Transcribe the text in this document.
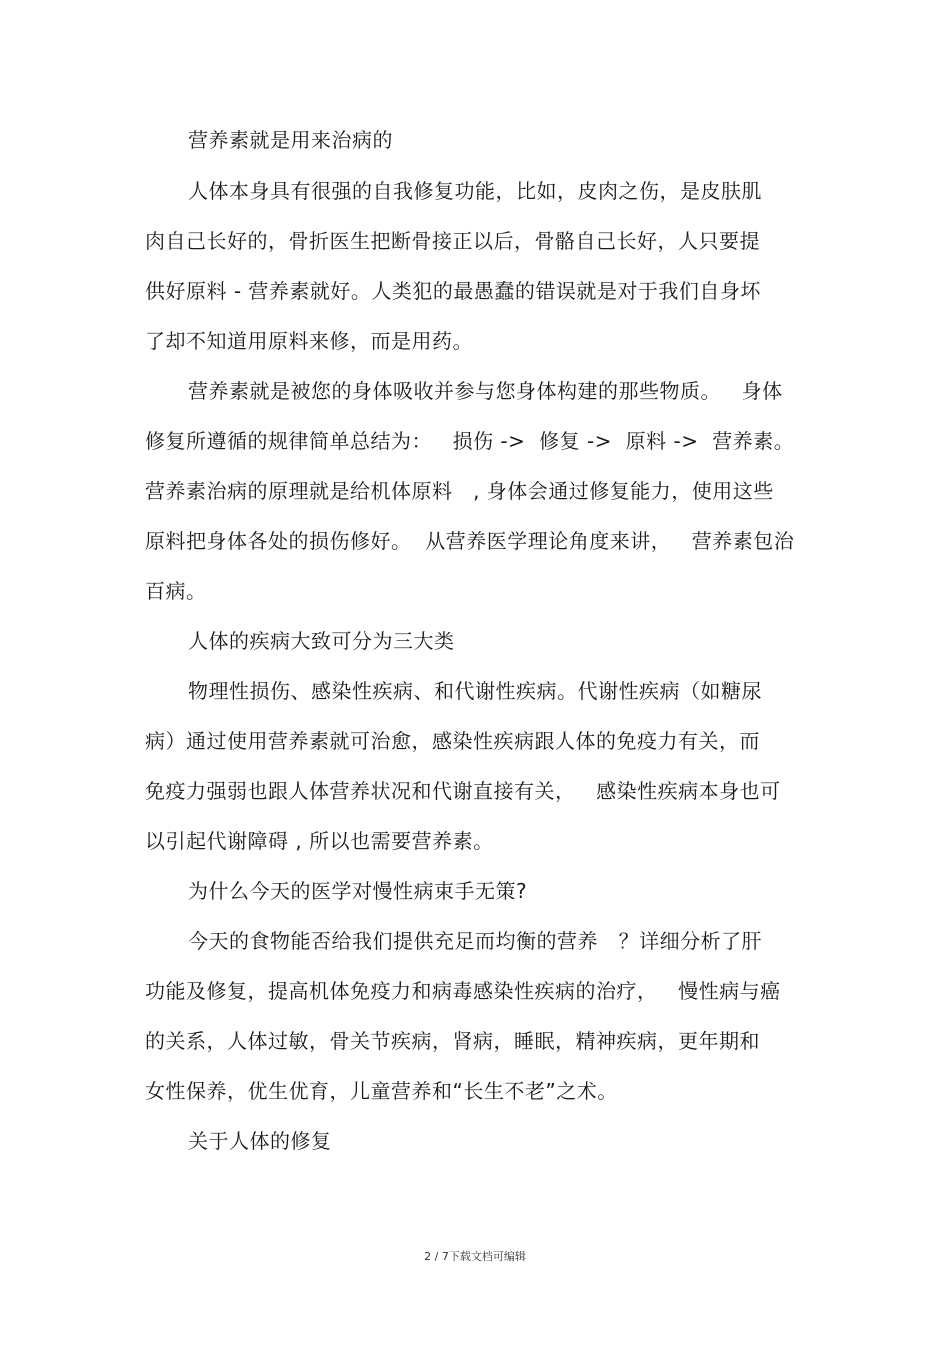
营养素就是用来治病的
人体本身具有很强的自我修复功能，比如，皮肉之伤，是皮肤肌
肉自己长好的，骨折医生把断骨接正以后，骨骼自己长好，人只要提
供好原料 - 营养素就好。人类犯的最愚蠢的错误就是对于我们自身坏
了却不知道用原料来修，而是用药。
营养素就是被您的身体吸收并参与您身体构建的那些物质。   身体
修复所遵循的规律简单总结为：   损伤 ->  修复 ->  原料 ->  营养素。
营养素治病的原理就是给机体原料   , 身体会通过修复能力，使用这些
原料把身体各处的损伤修好。  从营养医学理论角度来讲，   营养素包治
百病。
人体的疾病大致可分为三大类
物理性损伤、感染性疾病、和代谢性疾病。代谢性疾病（如糖尿
病）通过使用营养素就可治愈，感染性疾病跟人体的免疫力有关，而
免疫力强弱也跟人体营养状况和代谢直接有关，   感染性疾病本身也可
以引起代谢障碍 , 所以也需要营养素。
为什么今天的医学对慢性病束手无策?
今天的食物能否给我们提供充足而均衡的营养   ？详细分析了肝
功能及修复，提高机体免疫力和病毒感染性疾病的治疗，   慢性病与癌
的关系，人体过敏，骨关节疾病，肾病，睡眠，精神疾病，更年期和
女性保养，优生优育，儿童营养和“长生不老”之术。
关于人体的修复
2 / 7下载文档可编辑
